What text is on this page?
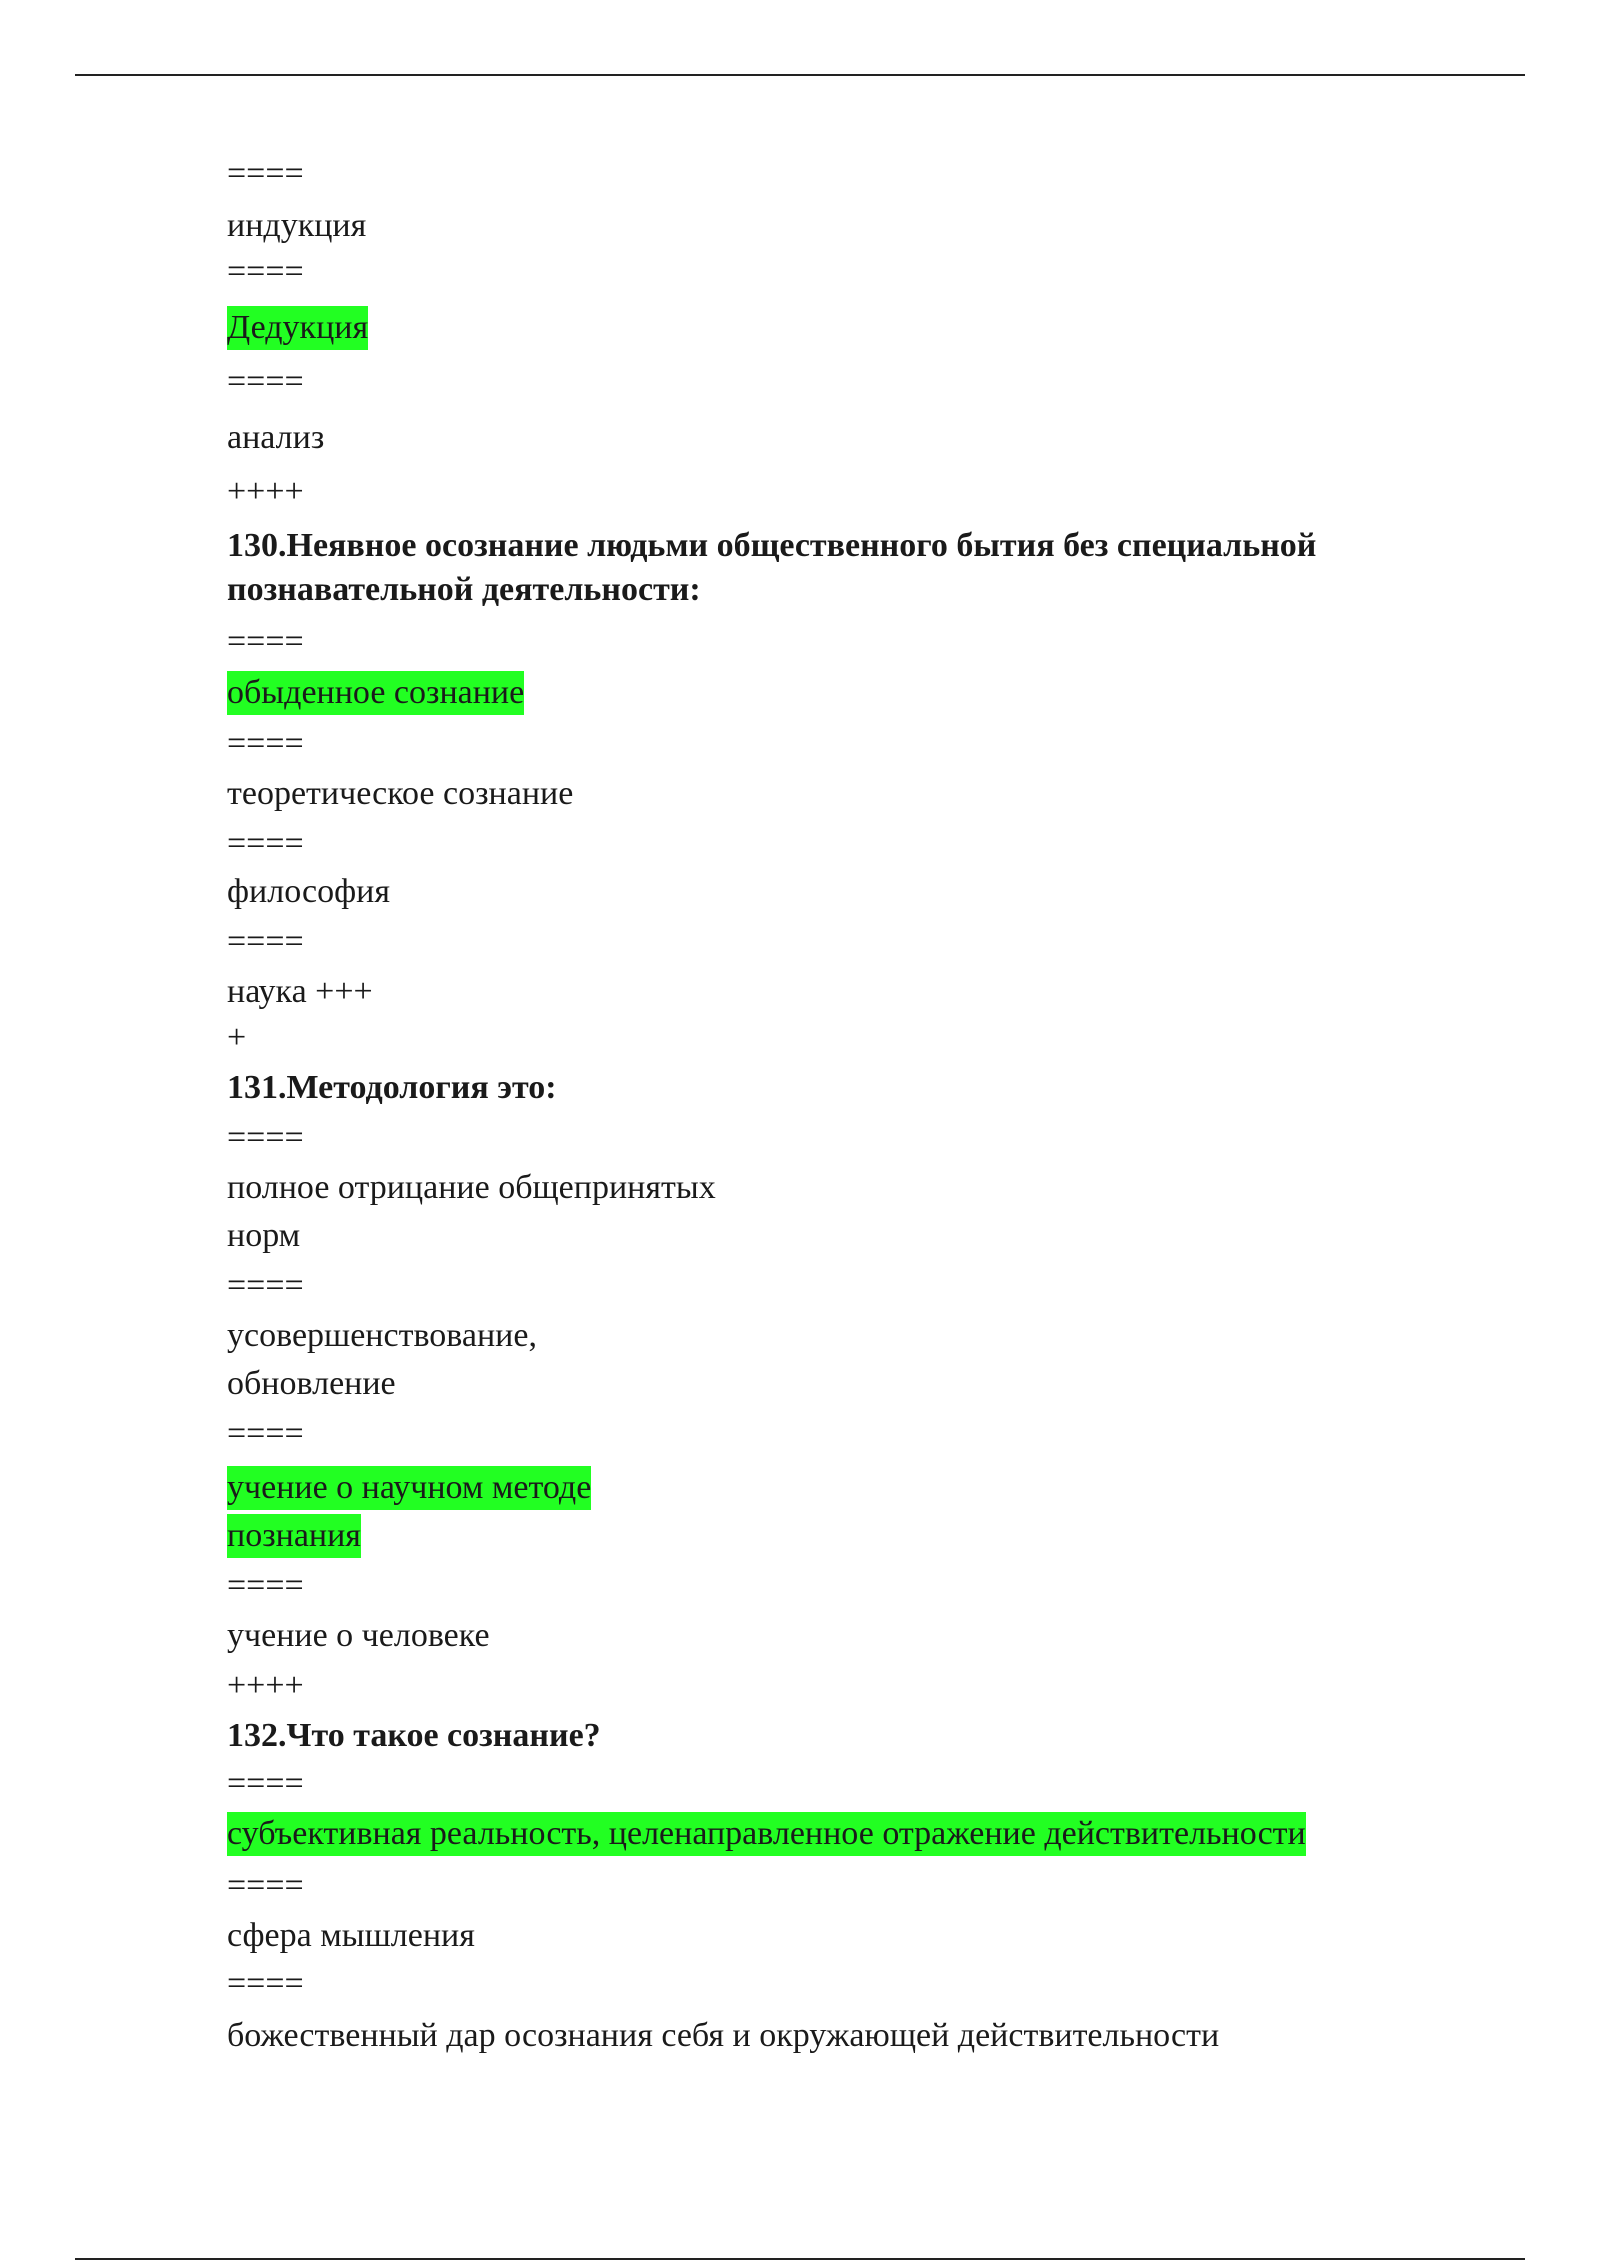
====
индукция
====
Дедукция
====
анализ
++++
130.Неявное осознание людьми общественного бытия без специальной
познавательной деятельности:
====
обыденное сознание
====
теоретическое сознание
====
философия
====
наука +++
+
131.Методология это:
====
полное отрицание общепринятых
норм
====
усовершенствование,
обновление
====
учение о научном методе
познания
====
учение о человеке
++++
132.Что такое сознание?
====
субъективная реальность, целенаправленное отражение действительности
====
сфера мышления
====
божественный дар осознания себя и окружающей действительности
